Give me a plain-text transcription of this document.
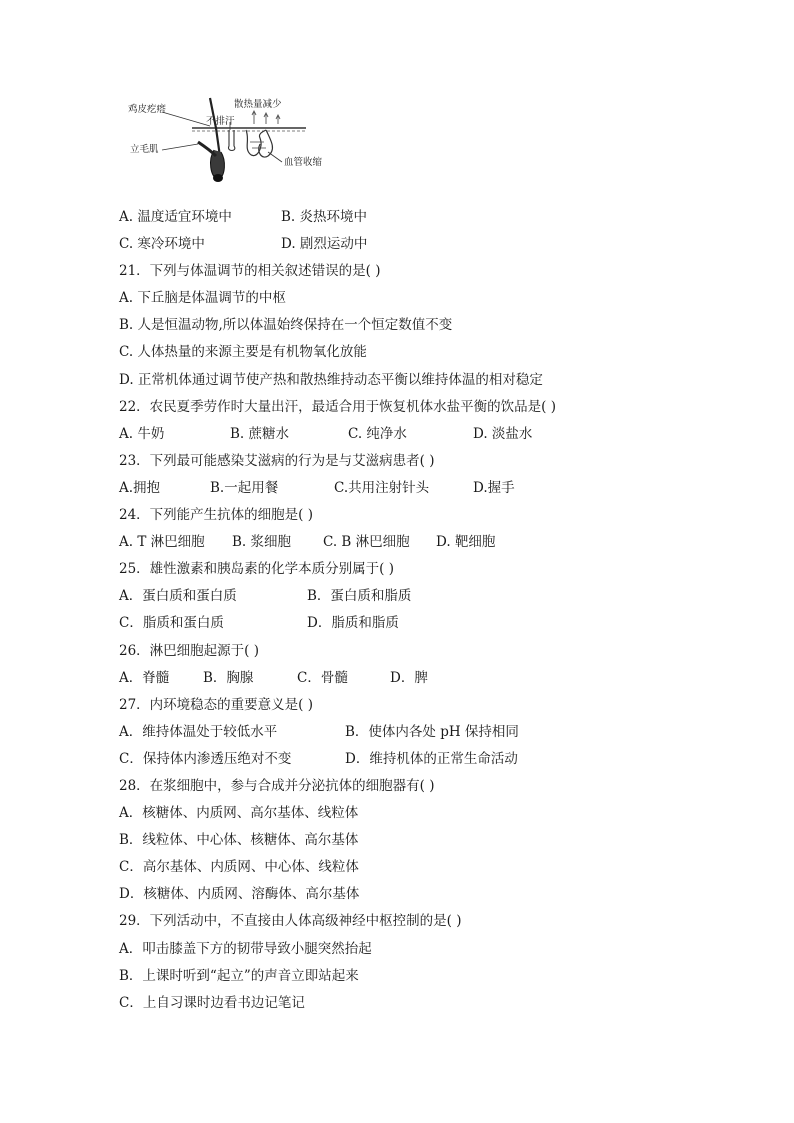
鸡皮疙瘩
立毛肌
不排汗
散热量减少
血管收缩
A. 温度适宜环境中	B. 炎热环境中
C. 寒冷环境中	D. 剧烈运动中
21．下列与体温调节的相关叙述错误的是( )
A. 下丘脑是体温调节的中枢
B. 人是恒温动物,所以体温始终保持在一个恒定数值不变
C. 人体热量的来源主要是有机物氧化放能
D. 正常机体通过调节使产热和散热维持动态平衡以维持体温的相对稳定
22．农民夏季劳作时大量出汗，最适合用于恢复机体水盐平衡的饮品是( )
A. 牛奶	B. 蔗糖水	C. 纯净水	D. 淡盐水
23．下列最可能感染艾滋病的行为是与艾滋病患者( )
A.拥抱	B.一起用餐	C.共用注射针头	D.握手
24．下列能产生抗体的细胞是( )
A. T 淋巴细胞 B. 浆细胞 C. B 淋巴细胞 D. 靶细胞
25．雄性激素和胰岛素的化学本质分别属于( )
A．蛋白质和蛋白质	B．蛋白质和脂质
C．脂质和蛋白质	D．脂质和脂质
26．淋巴细胞起源于( )
A．脊髓	B．胸腺	C．骨髓	D．脾
27．内环境稳态的重要意义是( )
A．维持体温处于较低水平	B．使体内各处 pH 保持相同
C．保持体内渗透压绝对不变	D．维持机体的正常生命活动
28．在浆细胞中，参与合成并分泌抗体的细胞器有( )
A．核糖体、内质网、高尔基体、线粒体
B．线粒体、中心体、核糖体、高尔基体
C．高尔基体、内质网、中心体、线粒体
D．核糖体、内质网、溶酶体、高尔基体
29．下列活动中，不直接由人体高级神经中枢控制的是( )
A．叩击膝盖下方的韧带导致小腿突然抬起
B．上课时听到“起立”的声音立即站起来
C．上自习课时边看书边记笔记
